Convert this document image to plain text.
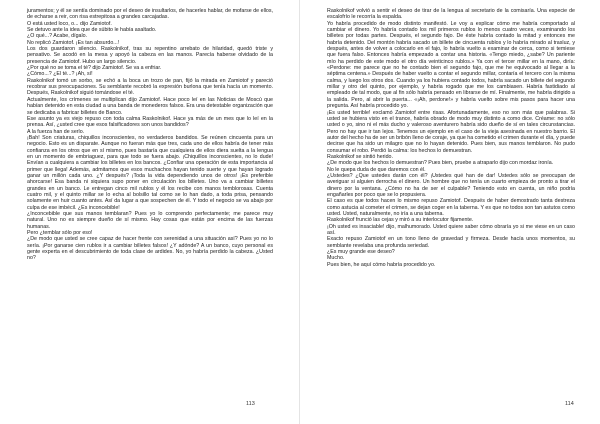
juramentos; y él se sentía dominado por el deseo de insultarlos, de hacerles hablar, de mofarse de ellos, de echarse a reir, con risa estrepitosa a grandes carcajadas.

O está usted loco, o... dijo Zamiotof.

Se detuvo ante la idea que de súbito le había asaltado.

¿O qué...? Acabe, dígalo.

No replicó Zamiotof. ¡Es tan absurdo...!

Los dos guardaron silencio. Raskolnikof, tras su repentino arrebato de hilaridad, quedó triste y pensativo. Se acodó en la mesa y apoyó la cabeza en las manos. Parecía haberse olvidado de la presencia de Zamiotof. Hubo un largo silencio.

¿Por qué no se toma el té? dijo Zamiotof. Se va a enfriar.

¿Cómo...? ¿El té...? ¡Ah, sí!

Raskolnikof tomó un sorbo, se echó a la boca un trozo de pan, fijó la mirada en Zamiotof y pareció recobrar sus preocupaciones. Su semblante recobró la expresión burlona que tenía hacía un momento. Después, Raskolnikof siguió tomándose el té.

Actualmente, los crímenes se multiplican dijo Zamiotof. Hace poco leí en las Noticias de Moscú que habían detenido en esta ciudad a una banda de monederos falsos. Era una detestable organización que se dedicaba a fabricar billetes de Banco.

Ese asunto ya es viejo repuso con toda calma Raskolnikof. Hace ya más de un mes que lo leí en la prensa. Así, ¿usted cree que esos falsificadores son unos bandidos?

A la fuerza han de serlo.

¡Bah! Son criaturas, chiquillos inconscientes, no verdaderos bandidos. Se reúnen cincuenta para un negocio. Esto es un disparate. Aunque no fueran más que tres, cada uno de ellos habría de tener más confianza en los otros que en sí mismo, pues bastaría que cualquiera de ellos diera suelta a la lengua en un momento de embriaguez, para que todo se fuera abajo. ¡Chiquillos inconscientes, no lo dude! Envían a cualquiera a cambiar los billetes en los bancos. ¿Confiar una operación de esta importancia al primer que llega! Además, admitamos que esos muchachos hayan tenido suerte y que hayan logrado ganar un millón cada uno. ¿Y después? ¡Toda la vida dependiendo unos de otros! ¡Es preferible ahorcarse! Esa banda ni siquiera supo poner en circulación los billetes. Uno va a cambiar billetes grandes en un banco. Le entregan cinco mil rublos y él los recibe con manos temblorosas. Cuenta cuatro mil, y el quinto millar se lo echa al bolsillo tal como se lo han dado, a toda prisa, pensando solamente en huir cuanto antes. Así da lugar a que sospechen de él. Y todo el negocio se va abajo por culpa de ese imbécil. ¿Es inconcebible!

¿Inconcebible que sus manos temblaran? Pues yo lo comprendo perfectamente; me parece muy natural. Uno no es siempre dueño de sí mismo. Hay cosas que están por encima de las fuerzas humanas.

Pero ¿temblar sólo por eso!

¿De modo que usted se cree capaz de hacer frente con serenidad a una situación así? Pues yo no lo sería. ¡Por ganarse cien rublos ir a cambiar billetes falsos! ¿Y adónde? A un banco, cuyo personal es gente experta en el descubrimiento de toda clase de ardides. No, yo habría perdido la cabeza. ¿Usted no?

113

Raskolnikof volvió a sentir el deseo de tirar de la lengua al secretario de la comisaría. Una especie de escalofrío le recorría la espalda.

Yo habría procedido de modo distinto manifestó. Le voy a explicar cómo me habría comportado al cambiar el dinero. Yo habría contado los mil primeros rublos lo menos cuatro veces, examinando los billetes por todas partes. Después, el segundo fajo. De éste habría contado la mitad y entonces me habría detenido. Del montón habría sacado un billete de cincuenta rublos y lo habría mirado al trasluz, y después, antes de volver a colocarlo en el fajo, lo habría vuelto a examinar de cerca, como si temiese que fuera falso. Entonces habría empezado a contar una historia. «Tengo miedo, ¿sabe? Un pariente mío ha perdido de este modo el otro día veinticinco rublos.» Ya con el tercer millar en la mano, diría: «Perdone: me parece que no he contado bien el segundo fajo, que me he equivocado al llegar a la séptima centena.» Después de haber vuelto a contar el segundo millar, contaría el tercero con la misma calma, y luego los otros dos. Cuando ya los hubiera contado todos, habría sacado un billete del segundo millar y otro del quinto, por ejemplo, y habría rogado que me los cambiasen. Habría fastidiado al empleado de tal modo, que al fin sólo habría pensado en librarse de mí. Finalmente, me habría dirigido a la salida. Pero, al abrir la puerta... «¡Ah, perdone!» y habría vuelto sobre mis pasos para hacer una pregunta. Así habría procedido yo.

¡Es usted terrible! exclamó Zamiotof entre risas. Afortunadamente, eso no son más que palabras. Si usted se hubiera visto en el trance, habría obrado de modo muy distinto a como dice. Créame: no sólo usted o yo, sino ni el más ducho y valeroso aventurero habría sido dueño de sí en tales circunstancias. Pero no hay que ir tan lejos. Tenemos un ejemplo en el caso de la vieja asesinada en nuestro barrio. El autor del hecho ha de ser un bribón lleno de coraje, ya que ha cometido el crimen durante el día, y puede decirse que ha sido un milagro que no lo hayan detenido. Pues bien, sus manos temblaron. No pudo consumar el robo. Perdió la calma: los hechos lo demuestran.

Raskolnikof se sintió herido.

¿De modo que los hechos lo demuestran? Pues bien, pruebe a atraparlo dijo con mordaz ironía.

No le quepa duda de que daremos con él.

¿Ustedes? ¿Que ustedes darán con él? ¡Ustedes qué han de dar! Ustedes sólo se preocupan de averiguar si alguien derrocha el dinero. Un hombre que no tenía un cuarto empieza de pronto a tirar el dinero por la ventana. ¿Cómo no ha de ser el culpable? Teniendo esto en cuenta, un niño podría engañarles por poco que se lo propusiera.

El caso es que todos hacen lo mismo repuso Zamiotof. Después de haber demostrado tanta destreza como astucia al cometer el crimen, se dejan coger en la taberna. Y es que no todos son tan astutos como usted. Usted, naturalmente, no iría a una taberna.

Raskolnikof frunció las cejas y miró a su interlocutor fijamente.

¡Oh usted es insaciable! dijo, malhumorado. Usted quiere saber cómo obraría yo si me viese en un caso así.

Exacto repuso Zamiotof en un tono lleno de gravedad y firmeza. Desde hacía unos momentos, su semblante revelaba una profunda seriedad.

¿Es muy grande ese deseo?

Mucho.

Pues bien, he aquí cómo habría procedido yo.

114
